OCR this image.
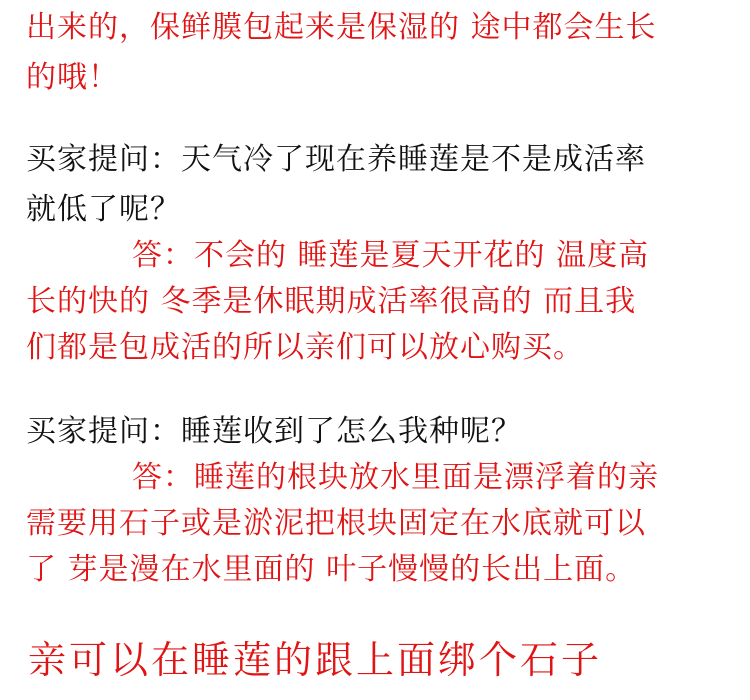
出来的，保鲜膜包起来是保湿的 途中都会生长
的哦！
买家提问：天气冷了现在养睡莲是不是成活率
就低了呢？
答：不会的 睡莲是夏天开花的 温度高
长的快的 冬季是休眠期成活率很高的 而且我
们都是包成活的所以亲们可以放心购买。
买家提问：睡莲收到了怎么我种呢？
答：睡莲的根块放水里面是漂浮着的亲
需要用石子或是淤泥把根块固定在水底就可以
了 芽是漫在水里面的 叶子慢慢的长出上面。
亲可以在睡莲的跟上面绑个石子
